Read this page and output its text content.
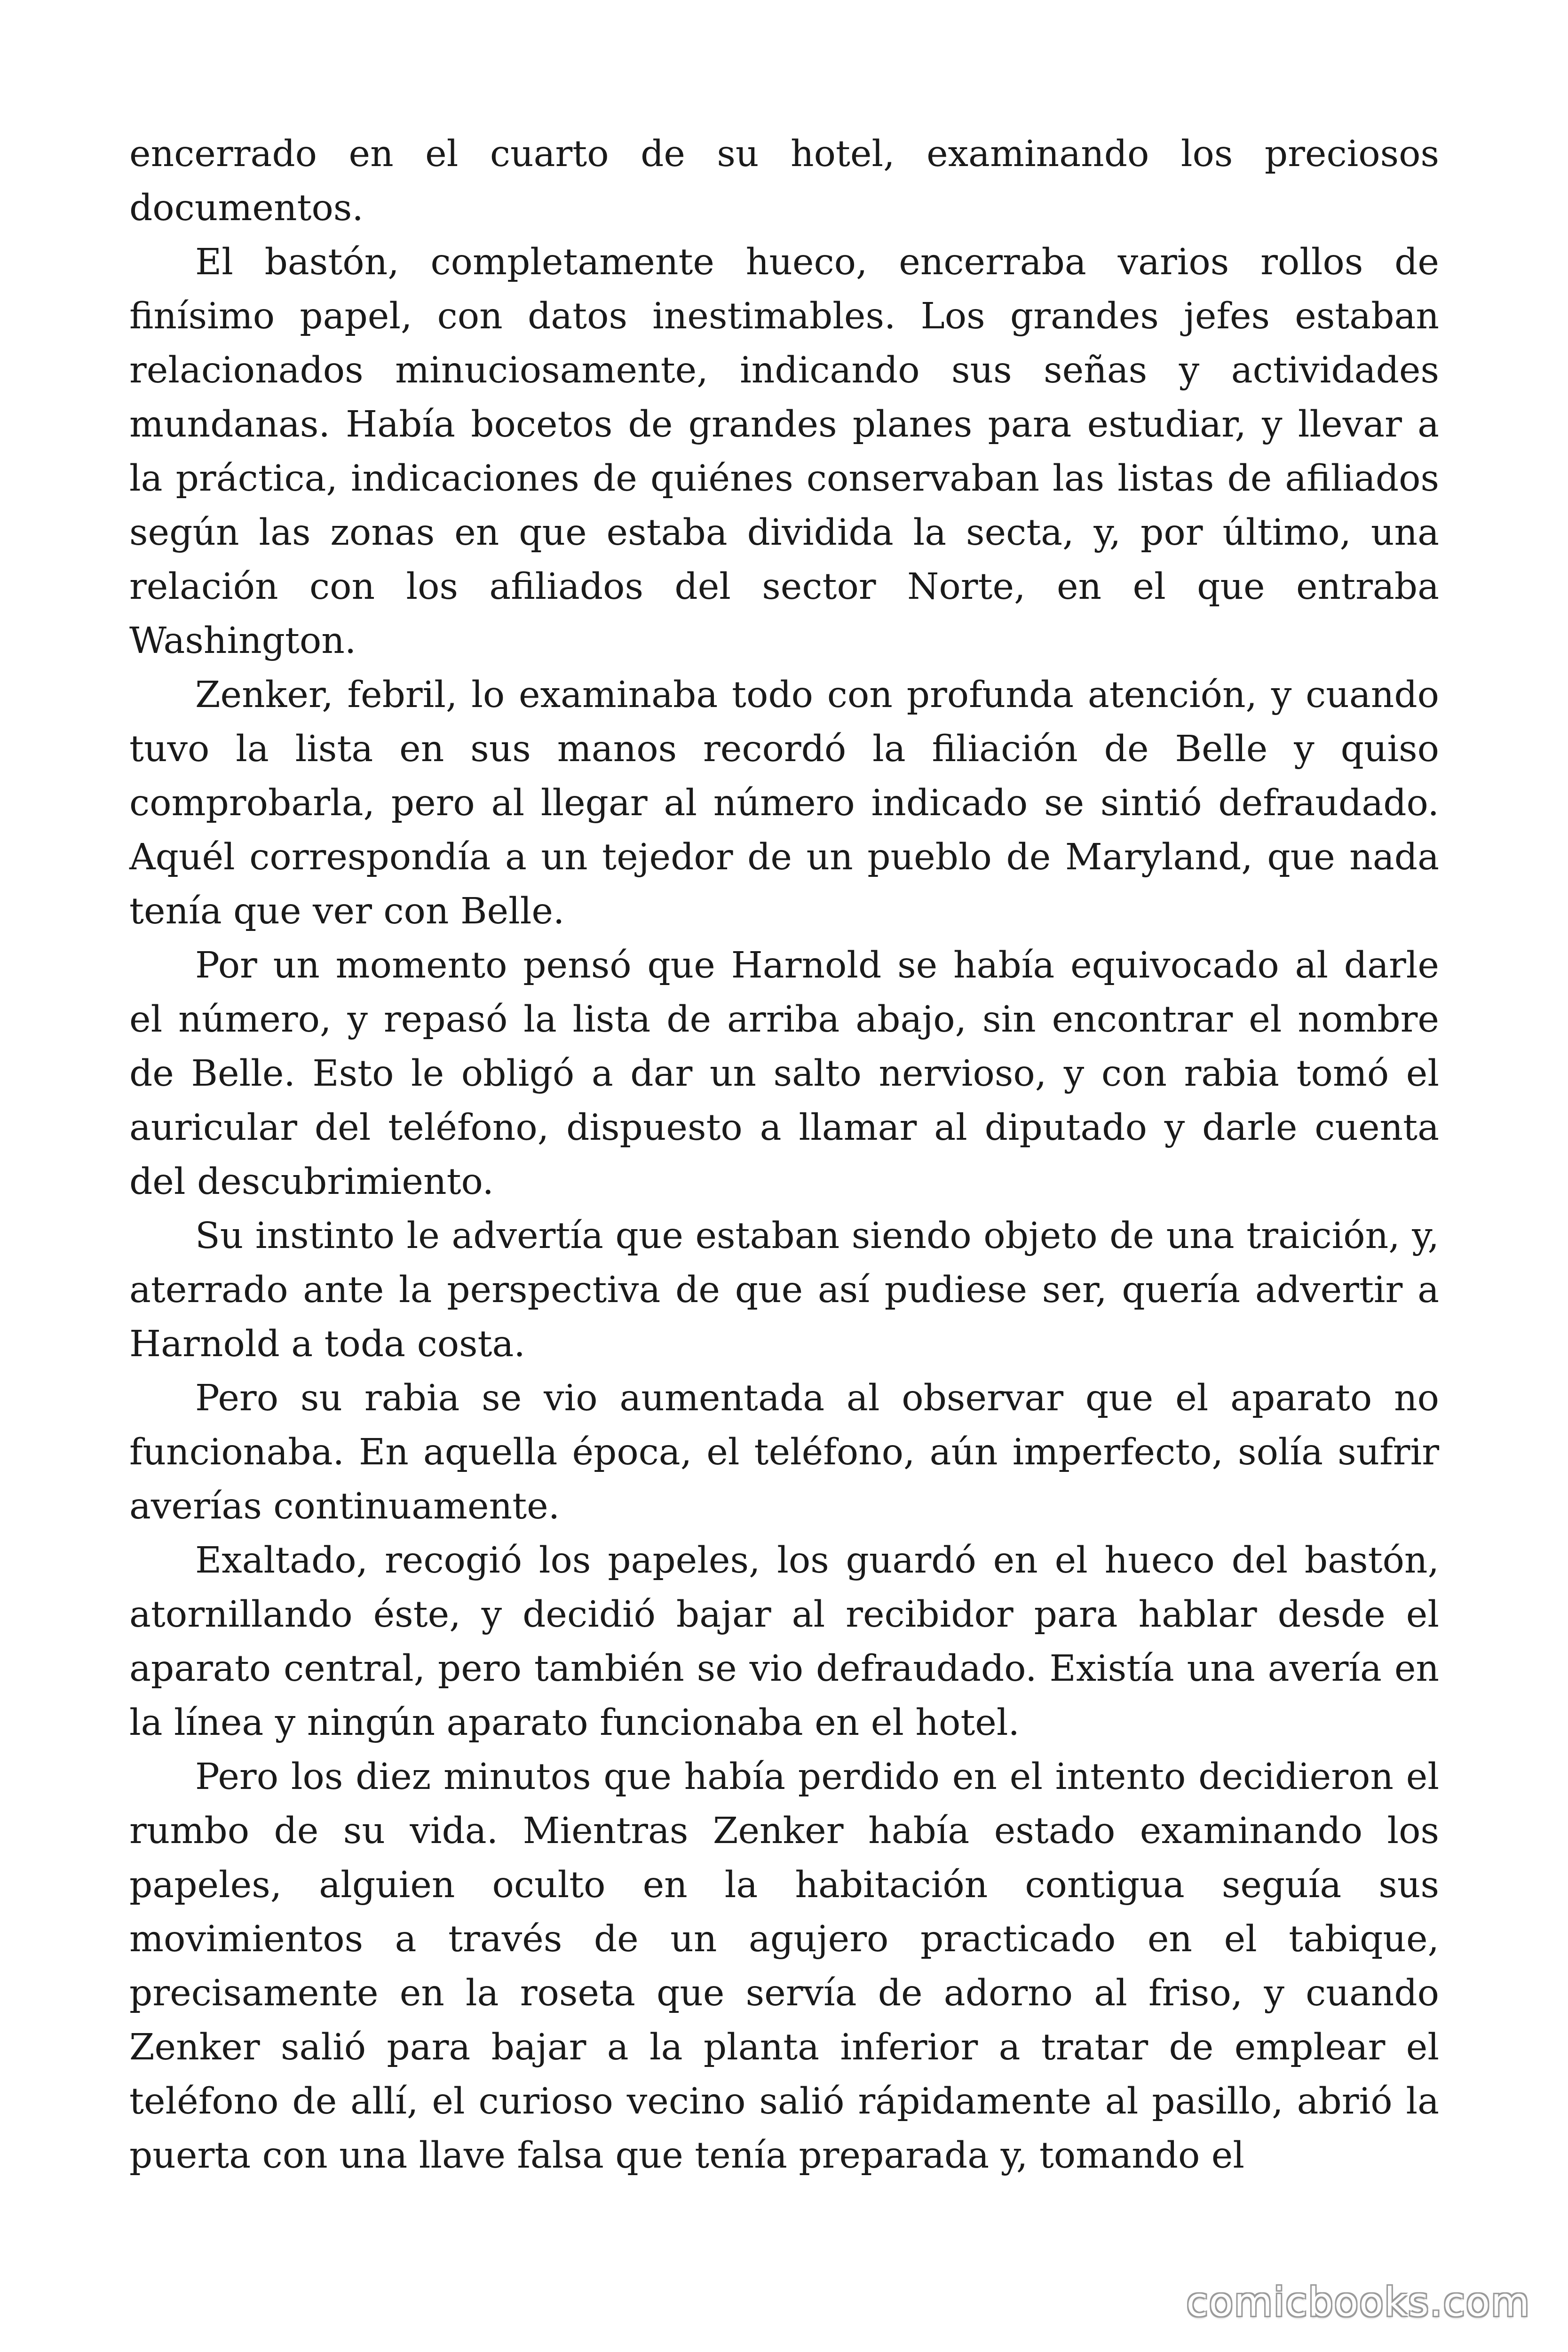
encerrado en el cuarto de su hotel, examinando los preciosos documentos.

El bastón, completamente hueco, encerraba varios rollos de finísimo papel, con datos inestimables. Los grandes jefes estaban relacionados minuciosamente, indicando sus señas y actividades mundanas. Había bocetos de grandes planes para estudiar, y llevar a la práctica, indicaciones de quiénes conservaban las listas de afiliados según las zonas en que estaba dividida la secta, y, por último, una relación con los afiliados del sector Norte, en el que entraba Washington.

Zenker, febril, lo examinaba todo con profunda atención, y cuando tuvo la lista en sus manos recordó la filiación de Belle y quiso comprobarla, pero al llegar al número indicado se sintió defraudado. Aquél correspondía a un tejedor de un pueblo de Maryland, que nada tenía que ver con Belle.

Por un momento pensó que Harnold se había equivocado al darle el número, y repasó la lista de arriba abajo, sin encontrar el nombre de Belle. Esto le obligó a dar un salto nervioso, y con rabia tomó el auricular del teléfono, dispuesto a llamar al diputado y darle cuenta del descubrimiento.

Su instinto le advertía que estaban siendo objeto de una traición, y, aterrado ante la perspectiva de que así pudiese ser, quería advertir a Harnold a toda costa.

Pero su rabia se vio aumentada al observar que el aparato no funcionaba. En aquella época, el teléfono, aún imperfecto, solía sufrir averías continuamente.

Exaltado, recogió los papeles, los guardó en el hueco del bastón, atornillando éste, y decidió bajar al recibidor para hablar desde el aparato central, pero también se vio defraudado. Existía una avería en la línea y ningún aparato funcionaba en el hotel.

Pero los diez minutos que había perdido en el intento decidieron el rumbo de su vida. Mientras Zenker había estado examinando los papeles, alguien oculto en la habitación contigua seguía sus movimientos a través de un agujero practicado en el tabique, precisamente en la roseta que servía de adorno al friso, y cuando Zenker salió para bajar a la planta inferior a tratar de emplear el teléfono de allí, el curioso vecino salió rápidamente al pasillo, abrió la puerta con una llave falsa que tenía preparada y, tomando el

comicbooks.com
